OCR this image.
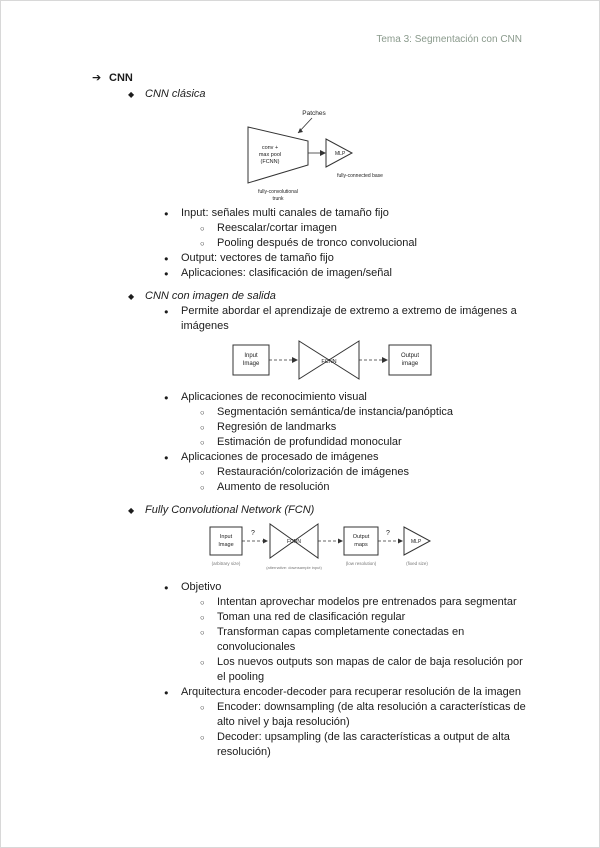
Tema 3: Segmentación con CNN
➔ CNN
◆ CNN clásica
Patches
conv +
max pool
(FCNN)
MLP
fully-connected base
fully-convolutional
trunk
●	Input: señales multi canales de tamaño fijo
○	Reescalar/cortar imagen
○	Pooling después de tronco convolucional
●	Output: vectores de tamaño fijo
●	Aplicaciones: clasificación de imagen/señal
◆ CNN con imagen de salida
●	Permite abordar el aprendizaje de extremo a extremo de imágenes a imágenes
Input
Image	FCNN
Output
image
●	Aplicaciones de reconocimiento visual
○	Segmentación semántica/de instancia/panóptica
○	Regresión de landmarks
○	Estimación de profundidad monocular
●	Aplicaciones de procesado de imágenes
○	Restauración/colorización de imágenes
○	Aumento de resolución
◆ Fully Convolutional Network (FCN)
Input
Image
(arbitrary size)
?
FCNN
(alternative: downsample input)
Output
maps
(low resolution)
?
MLP
(fixed size)
●	Objetivo
○	Intentan aprovechar modelos pre entrenados para segmentar
○	Toman una red de clasificación regular
○	Transforman capas completamente conectadas en convolucionales
○	Los nuevos outputs son mapas de calor de baja resolución por el pooling
●	Arquitectura encoder-decoder para recuperar resolución de la imagen
○	Encoder: downsampling (de alta resolución a características de alto nivel y baja resolución)
○	Decoder: upsampling (de las características a output de alta resolución)
